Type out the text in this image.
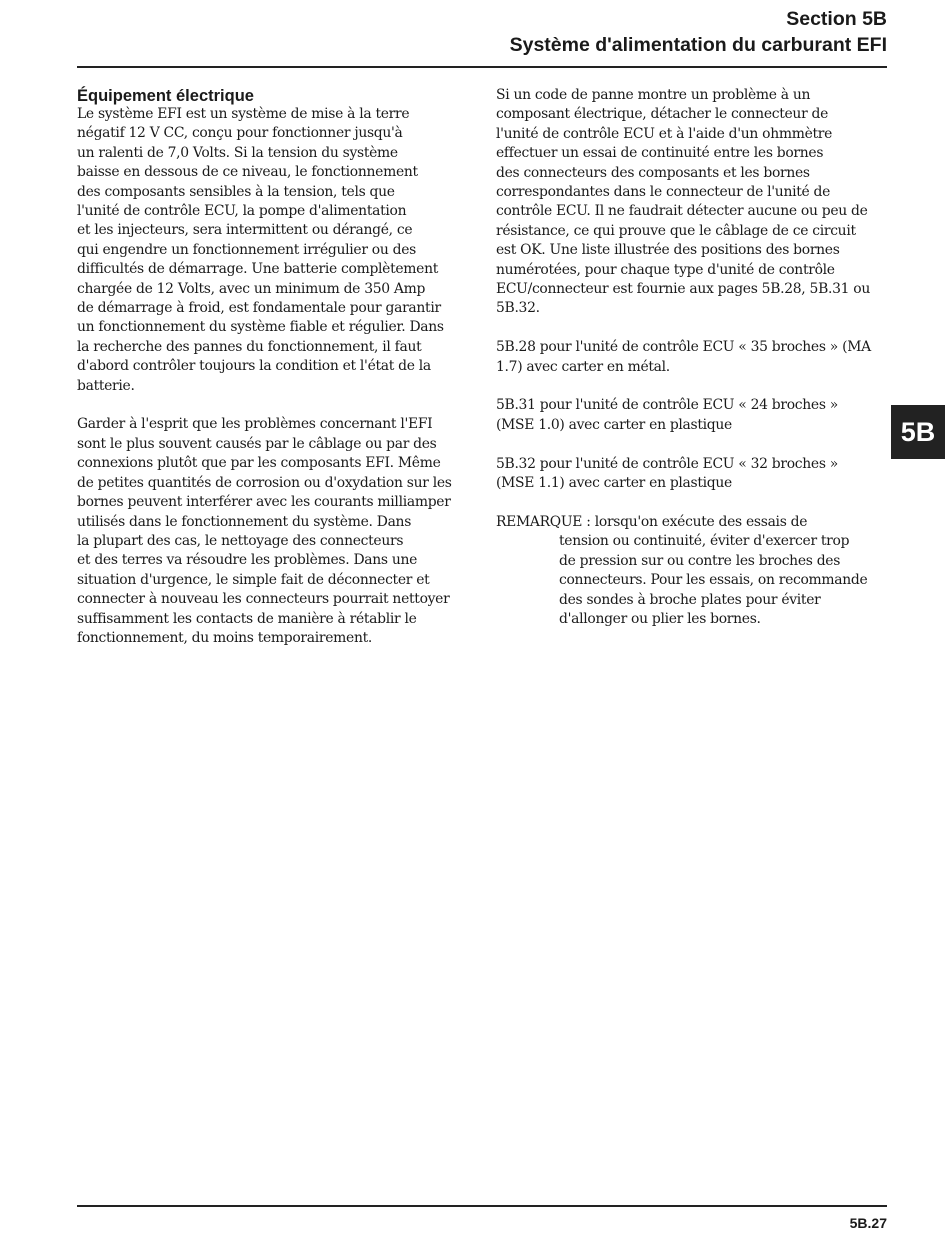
Section 5B
Système d'alimentation du carburant EFI
Équipement électrique
Le système EFI est un système de mise à la terre
négatif 12 V CC, conçu pour fonctionner jusqu'à
un ralenti de 7,0 Volts. Si la tension du système
baisse en dessous de ce niveau, le fonctionnement
des composants sensibles à la tension, tels que
l'unité de contrôle ECU, la pompe d'alimentation
et les injecteurs, sera intermittent ou dérangé, ce
qui engendre un fonctionnement irrégulier ou des
difficultés de démarrage. Une batterie complètement
chargée de 12 Volts, avec un minimum de 350 Amp
de démarrage à froid, est fondamentale pour garantir
un fonctionnement du système fiable et régulier. Dans
la recherche des pannes du fonctionnement, il faut
d'abord contrôler toujours la condition et l'état de la
batterie.
Garder à l'esprit que les problèmes concernant l'EFI
sont le plus souvent causés par le câblage ou par des
connexions plutôt que par les composants EFI. Même
de petites quantités de corrosion ou d'oxydation sur les
bornes peuvent interférer avec les courants milliamper
utilisés dans le fonctionnement du système. Dans
la plupart des cas, le nettoyage des connecteurs
et des terres va résoudre les problèmes. Dans une
situation d'urgence, le simple fait de déconnecter et
connecter à nouveau les connecteurs pourrait nettoyer
suffisamment les contacts de manière à rétablir le
fonctionnement, du moins temporairement.
Si un code de panne montre un problème à un
composant électrique, détacher le connecteur de
l'unité de contrôle ECU et à l'aide d'un ohmmètre
effectuer un essai de continuité entre les bornes
des connecteurs des composants et les bornes
correspondantes dans le connecteur de l'unité de
contrôle ECU. Il ne faudrait détecter aucune ou peu de
résistance, ce qui prouve que le câblage de ce circuit
est OK. Une liste illustrée des positions des bornes
numérotées, pour chaque type d'unité de contrôle
ECU/connecteur est fournie aux pages 5B.28, 5B.31 ou
5B.32.
5B.28 pour l'unité de contrôle ECU « 35 broches » (MA
1.7) avec carter en métal.
5B.31 pour l'unité de contrôle ECU « 24 broches »
(MSE 1.0) avec carter en plastique
5B.32 pour l'unité de contrôle ECU « 32 broches »
(MSE 1.1) avec carter en plastique
REMARQUE : lorsqu'on exécute des essais de
tension ou continuité, éviter d'exercer trop
de pression sur ou contre les broches des
connecteurs. Pour les essais, on recommande
des sondes à broche plates pour éviter
d'allonger ou plier les bornes.
5B
5B.27
